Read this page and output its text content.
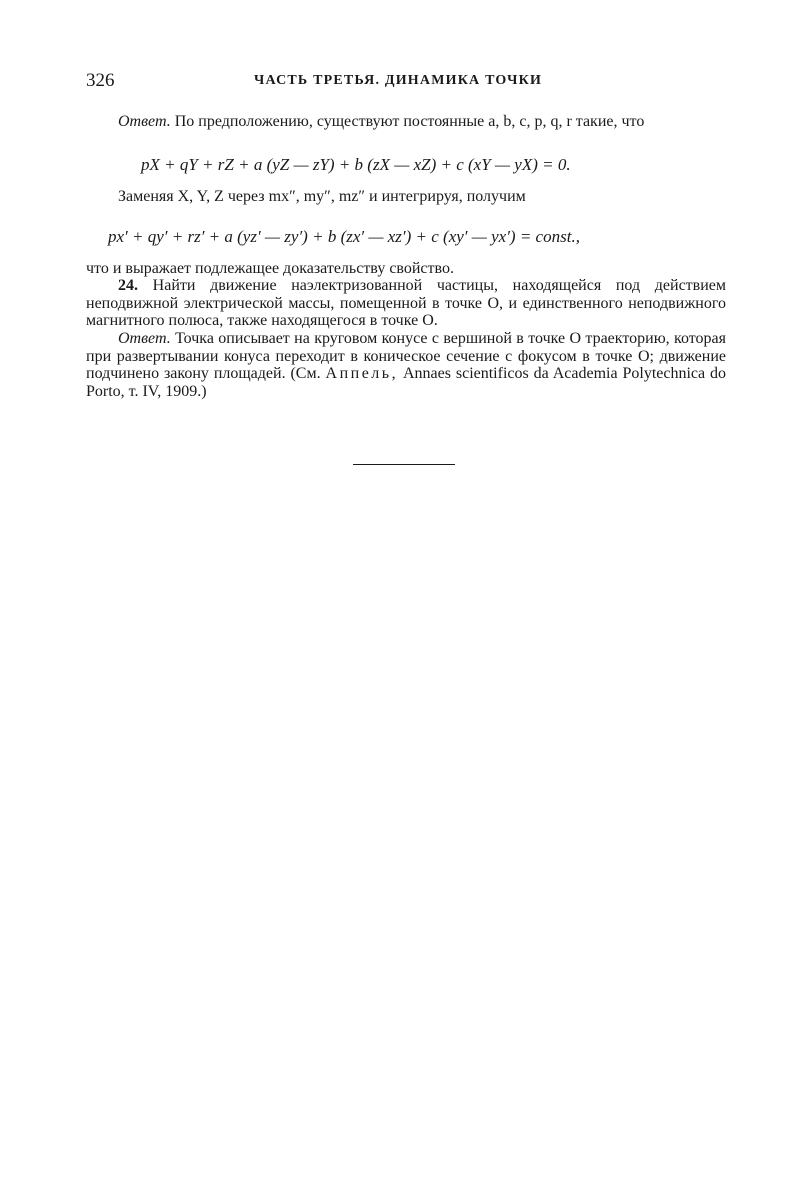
326	ЧАСТЬ ТРЕТЬЯ. ДИНАМИКА ТОЧКИ
Ответ. По предположению, существуют постоянные a, b, c, p, q, r такие, что
pX + qY + rZ + a (yZ — zY) + b (zX — xZ) + c (xY — yX) = 0.
Заменяя X, Y, Z через mx″, my″, mz″ и интегрируя, получим
px′ + qy′ + rz′ + a (yz′ — zy′) + b (zx′ — xz′) + c (xy′ — yx′) = const.,
что и выражает подлежащее доказательству свойство.
24. Найти движение наэлектризованной частицы, находящейся под действием неподвижной электрической массы, помещенной в точке O, и единственного неподвижного магнитного полюса, также находящегося в точке O.
Ответ. Точка описывает на круговом конусе с вершиной в точке O траекторию, которая при развертывании конуса переходит в коническое сечение с фокусом в точке O; движение подчинено закону площадей. (См. Аппель, Annaes scientificos da Academia Polytechnica do Porto, т. IV, 1909.)
